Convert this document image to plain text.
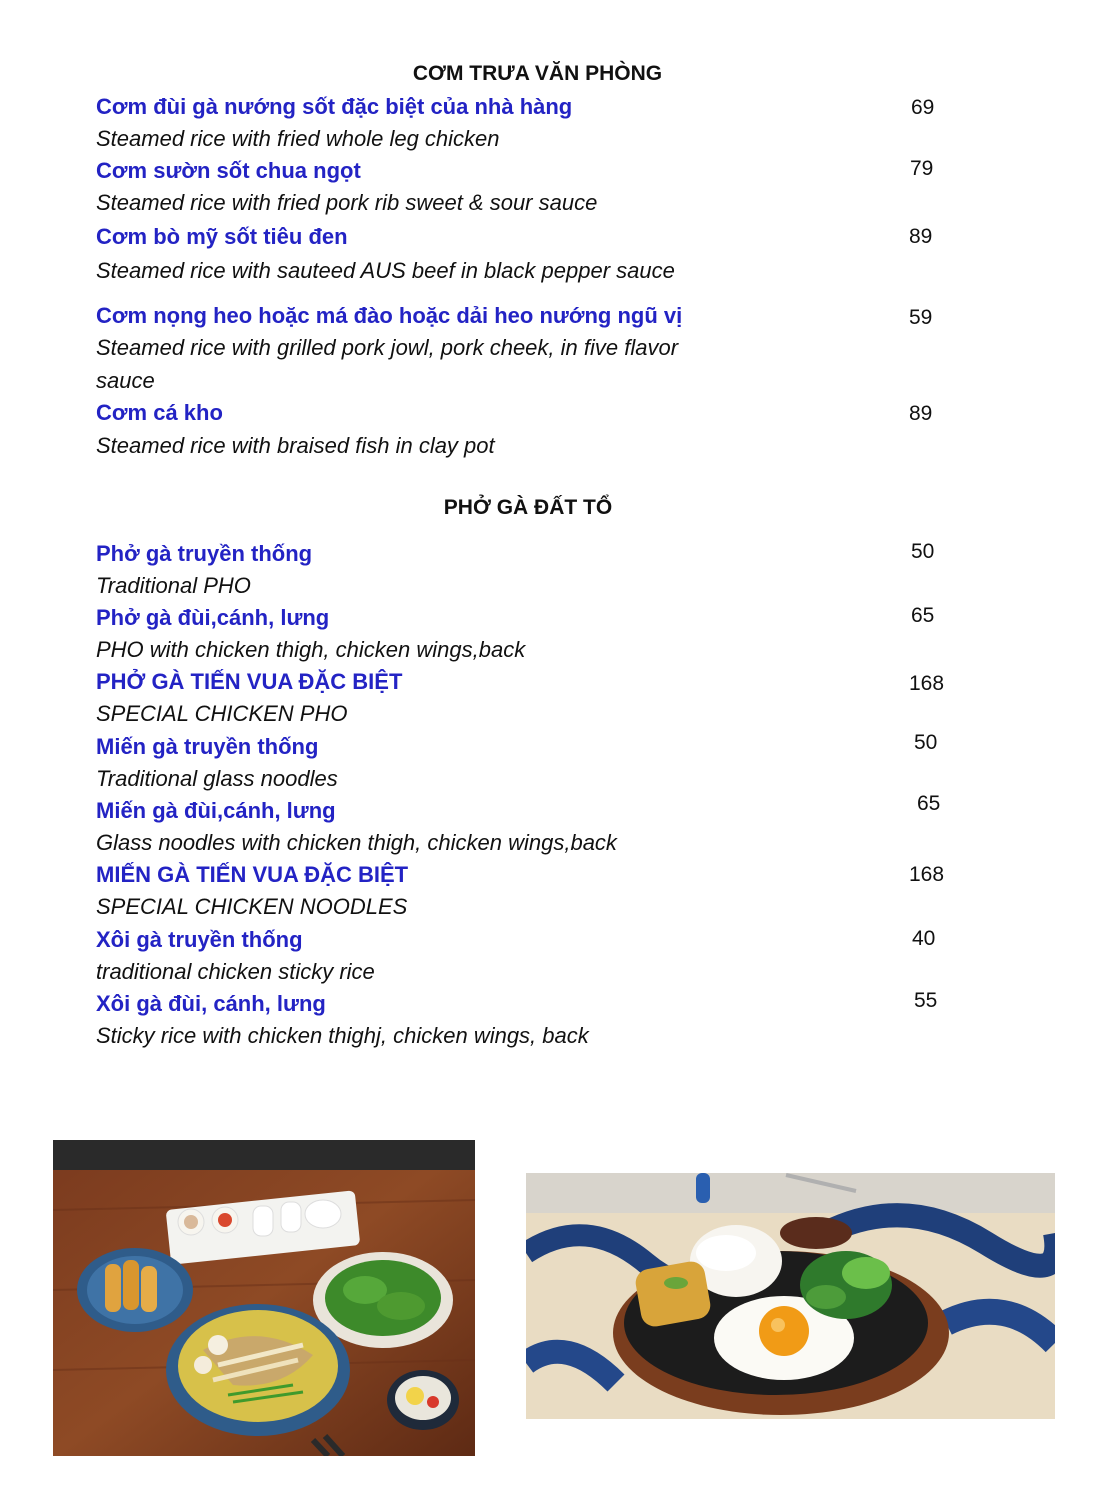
CƠM TRƯA VĂN PHÒNG

Cơm đùi gà nướng sốt đặc biệt của nhà hàng

Steamed rice with fried whole leg chicken

69

Cơm sườn sốt chua ngọt

Steamed rice with fried pork rib sweet & sour sauce

79

Cơm bò mỹ sốt tiêu đen

Steamed rice with sauteed AUS beef in black pepper sauce

89

Cơm nọng heo hoặc má đào hoặc dải heo nướng ngũ vị

Steamed rice with grilled pork jowl, pork cheek, in five flavor sauce

59

Cơm cá kho

Steamed rice with braised fish in clay pot

89

PHỞ GÀ ĐẤT TỔ

Phở gà truyền thống

Traditional PHO

50

Phở gà đùi,cánh, lưng

PHO with chicken thigh, chicken wings,back

65

PHỞ GÀ TIẾN VUA ĐẶC BIỆT

SPECIAL CHICKEN PHO

168

Miến gà truyền thống

Traditional glass noodles

50

Miến gà đùi,cánh, lưng

Glass noodles with chicken thigh, chicken wings,back

65

MIẾN GÀ TIẾN VUA ĐẶC BIỆT

SPECIAL CHICKEN NOODLES

168

Xôi gà truyền thống

traditional chicken sticky rice

40

Xôi gà đùi, cánh, lưng

Sticky rice with chicken thighj, chicken wings, back

55
